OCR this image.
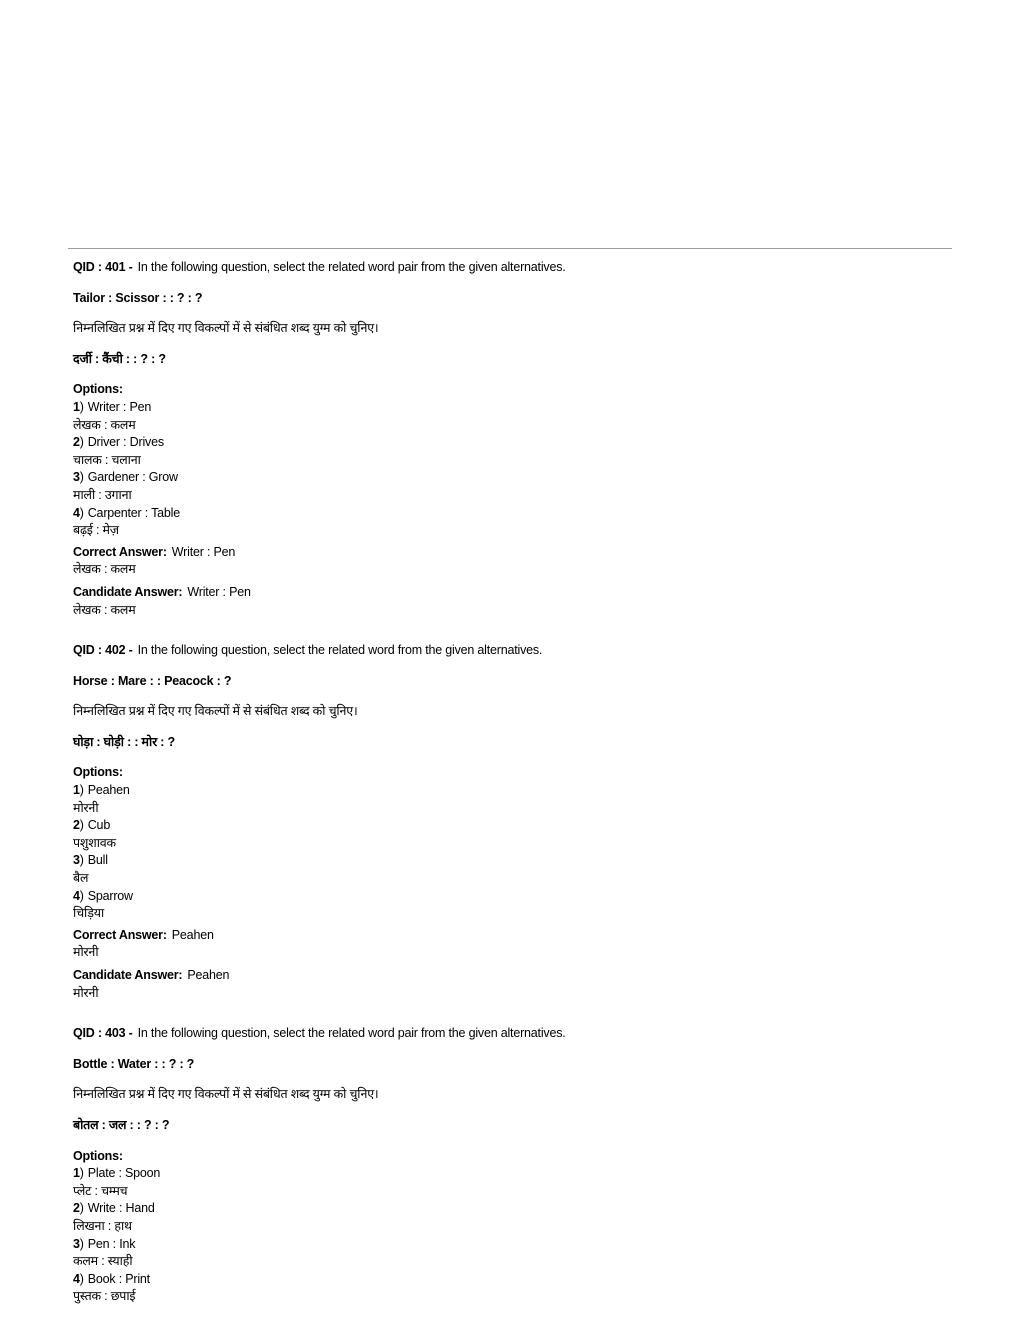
QID : 401 - In the following question, select the related word pair from the given alternatives.

Tailor : Scissor : : ? : ?

निम्नलिखित प्रश्न में दिए गए विकल्पों में से संबंधित शब्द युग्म को चुनिए।

दर्जी : कैंची : : ? : ?

Options:

1) Writer : Pen

लेखक : कलम

2) Driver : Drives

चालक : चलाना

3) Gardener : Grow

माली : उगाना

4) Carpenter : Table

बढ़ई : मेज़

Correct Answer: Writer : Pen
लेखक : कलम

Candidate Answer: Writer : Pen
लेखक : कलम

QID : 402 - In the following question, select the related word from the given alternatives.

Horse : Mare : : Peacock : ?

निम्नलिखित प्रश्न में दिए गए विकल्पों में से संबंधित शब्द को चुनिए।

घोड़ा : घोड़ी : : मोर : ?

Options:

1) Peahen

मोरनी

2) Cub

पशुशावक

3) Bull

बैल

4) Sparrow

चिड़िया

Correct Answer: Peahen
मोरनी

Candidate Answer: Peahen
मोरनी

QID : 403 - In the following question, select the related word pair from the given alternatives.

Bottle : Water : : ? : ?

निम्नलिखित प्रश्न में दिए गए विकल्पों में से संबंधित शब्द युग्म को चुनिए।

बोतल : जल : : ? : ?

Options:

1) Plate : Spoon

प्लेट : चम्मच

2) Write : Hand

लिखना : हाथ

3) Pen : Ink

कलम : स्याही

4) Book : Print

पुस्तक : छपाई
